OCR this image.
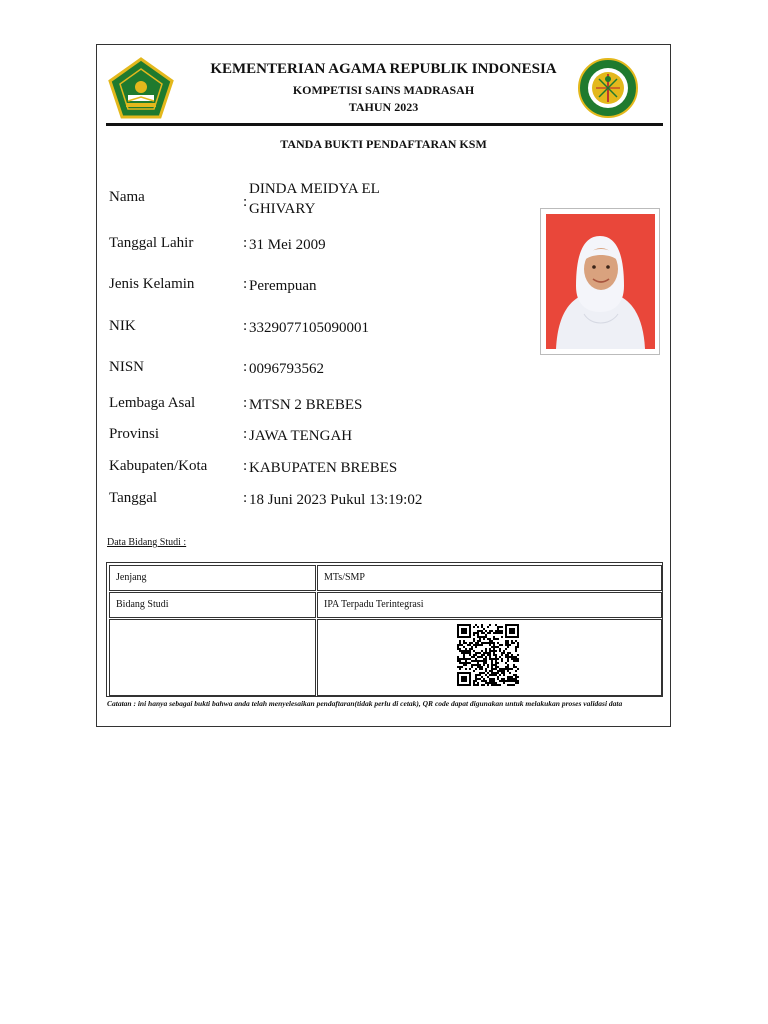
KEMENTERIAN AGAMA REPUBLIK INDONESIA
KOMPETISI SAINS MADRASAH
TAHUN 2023
TANDA BUKTI PENDAFTARAN KSM
Nama	:
DINDA MEIDYA EL
GHIVARY
Tanggal Lahir	: 31 Mei 2009
Jenis Kelamin	: Perempuan
NIK	: 3329077105090001
NISN	: 0096793562
Lembaga Asal	: MTSN 2 BREBES
Provinsi	: JAWA TENGAH
Kabupaten/Kota : KABUPATEN BREBES
Tanggal	: 18 Juni 2023 Pukul 13:19:02
Data Bidang Studi :
Jenjang	MTs/SMP
Bidang Studi	IPA Terpadu Terintegrasi
Catatan : ini hanya sebagai bukti bahwa anda telah menyelesaikan pendaftaran(tidak perlu di cetak), QR code dapat digunakan untuk melakukan proses validasi data
